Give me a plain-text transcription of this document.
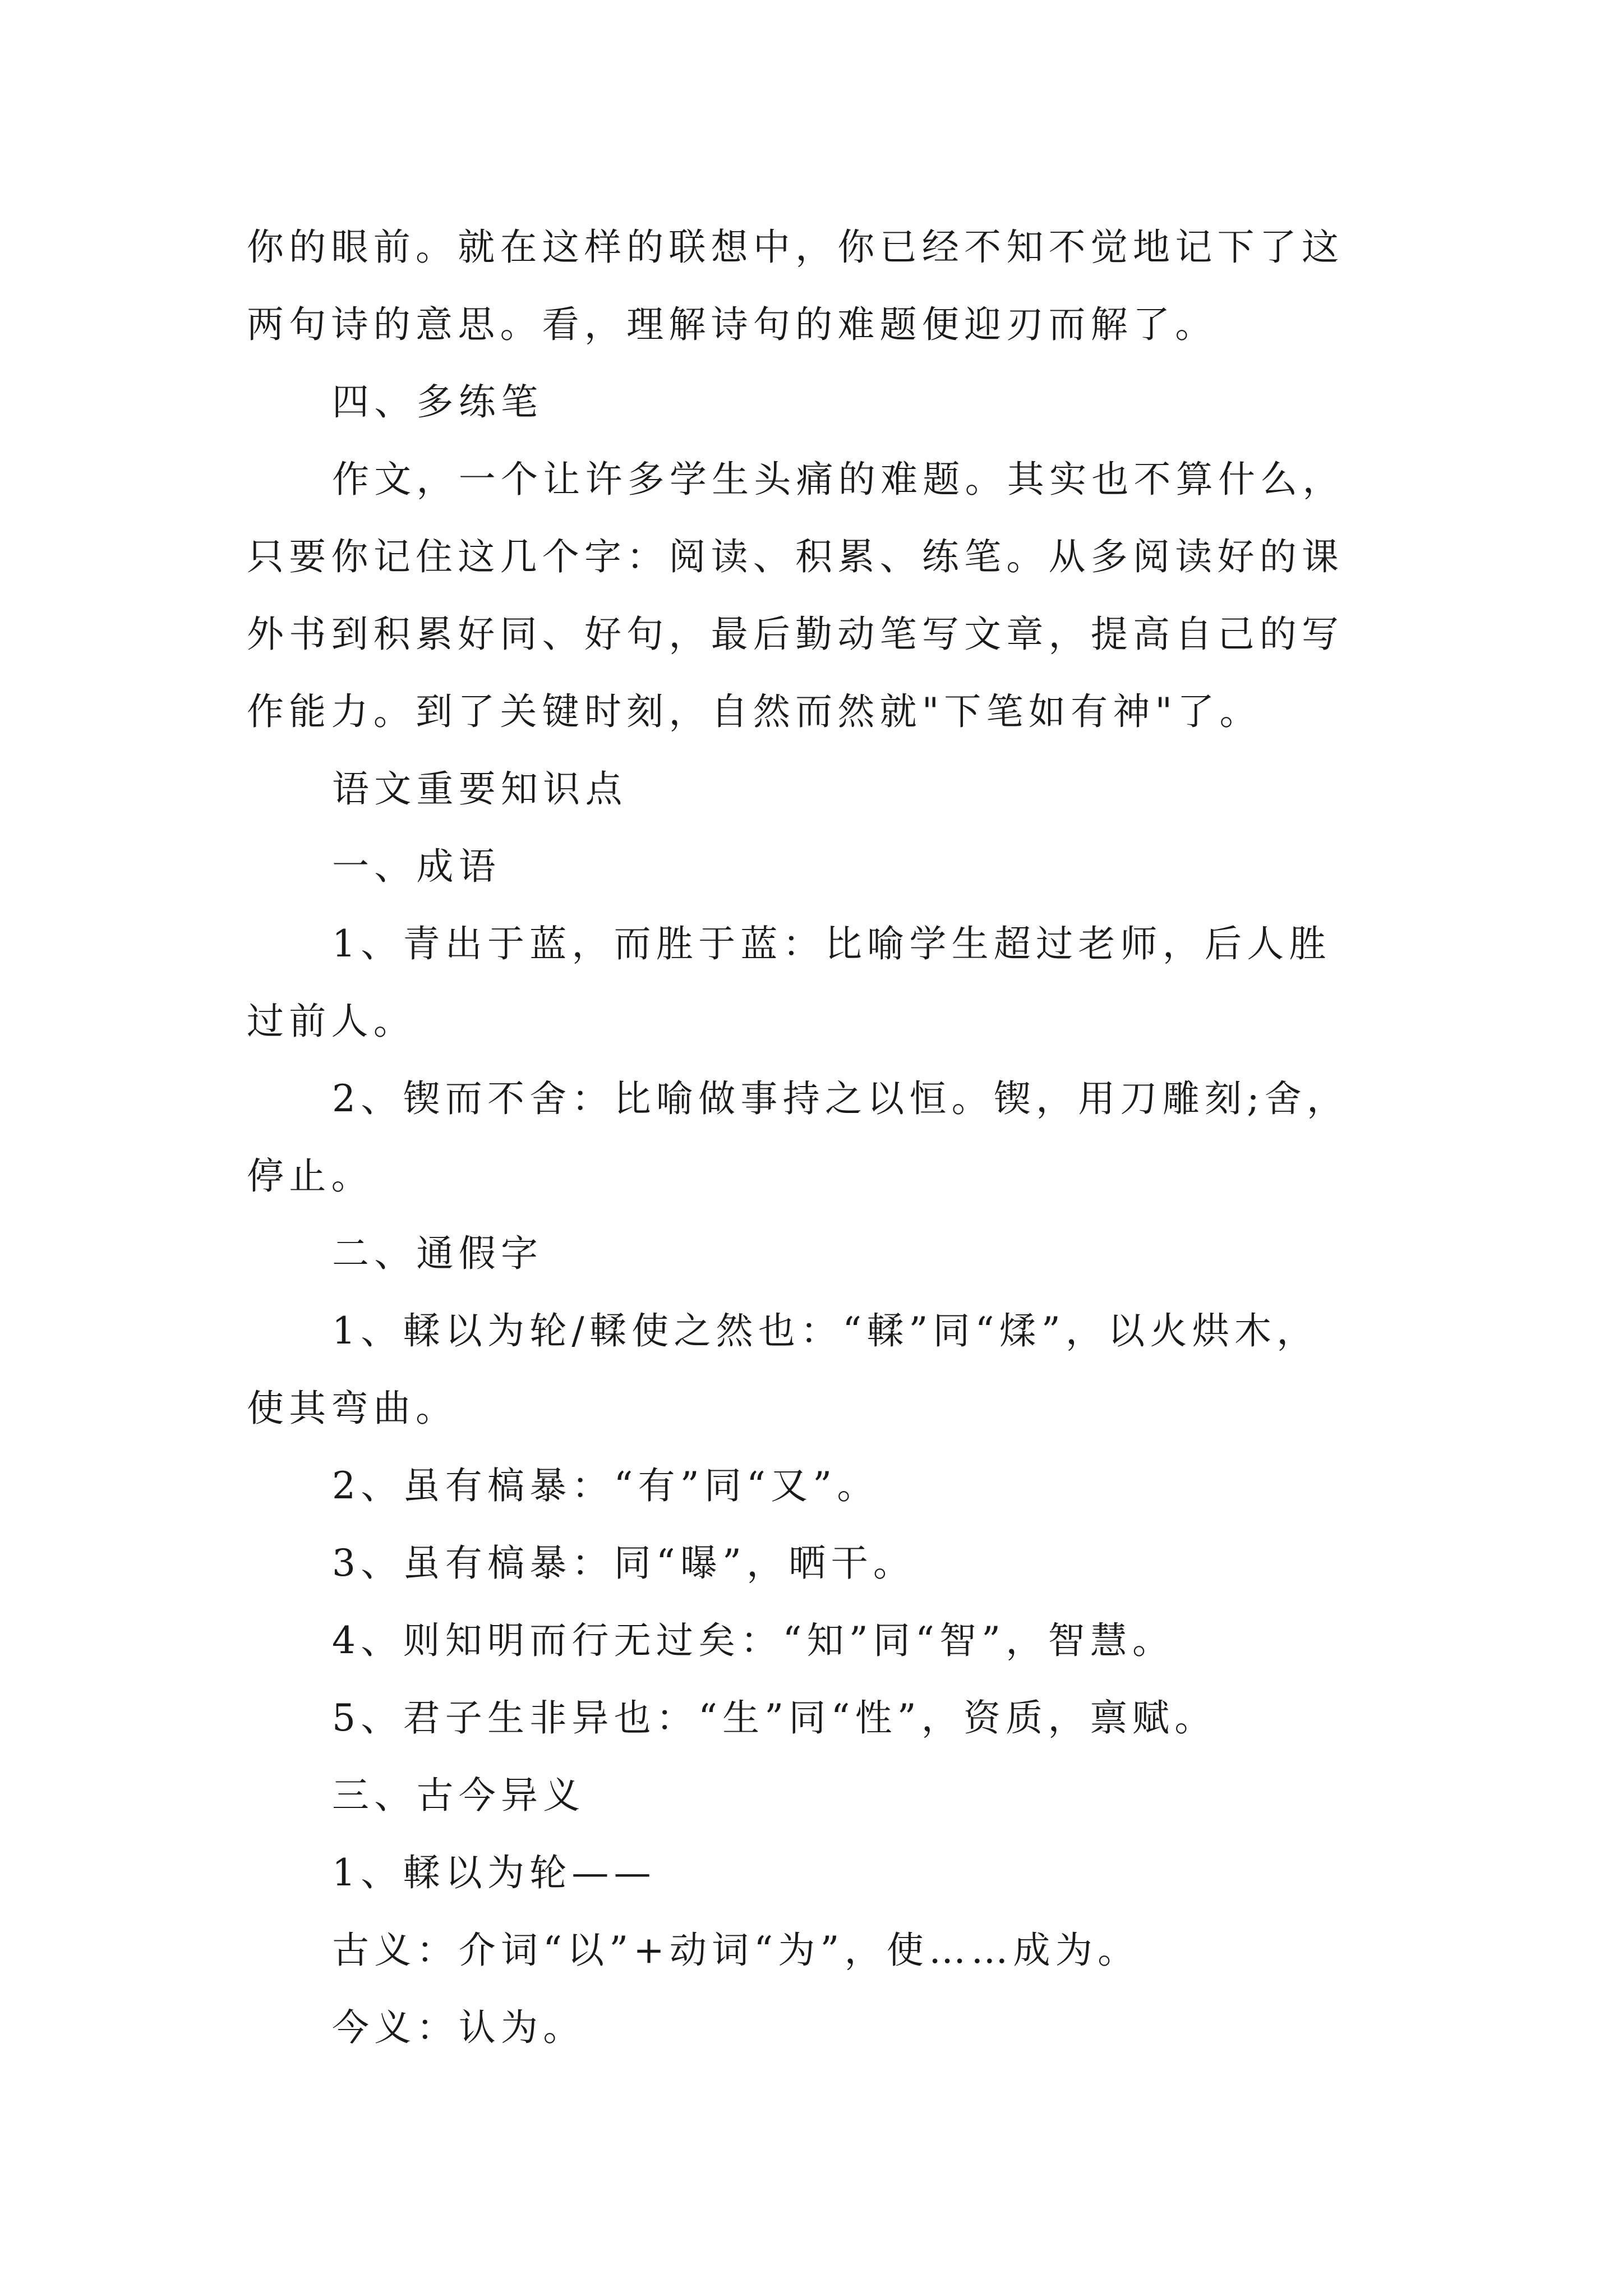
你的眼前。就在这样的联想中，你已经不知不觉地记下了这
两句诗的意思。看，理解诗句的难题便迎刃而解了。
四、多练笔
作文，一个让许多学生头痛的难题。其实也不算什么，
只要你记住这几个字：阅读、积累、练笔。从多阅读好的课
外书到积累好同、好句，最后勤动笔写文章，提高自己的写
作能力。到了关键时刻，自然而然就"下笔如有神"了。
语文重要知识点
一、成语
1、青出于蓝，而胜于蓝：比喻学生超过老师，后人胜
过前人。
2、锲而不舍：比喻做事持之以恒。锲，用刀雕刻;舍，
停止。
二、通假字
1、輮以为轮/輮使之然也：“輮”同“煣”，以火烘木，
使其弯曲。
2、虽有槁暴：“有”同“又”。
3、虽有槁暴：同“曝”，晒干。
4、则知明而行无过矣：“知”同“智”，智慧。
5、君子生非异也：“生”同“性”，资质，禀赋。
三、古今异义
1、輮以为轮——
古义：介词“以”+动词“为”，使……成为。
今义：认为。
